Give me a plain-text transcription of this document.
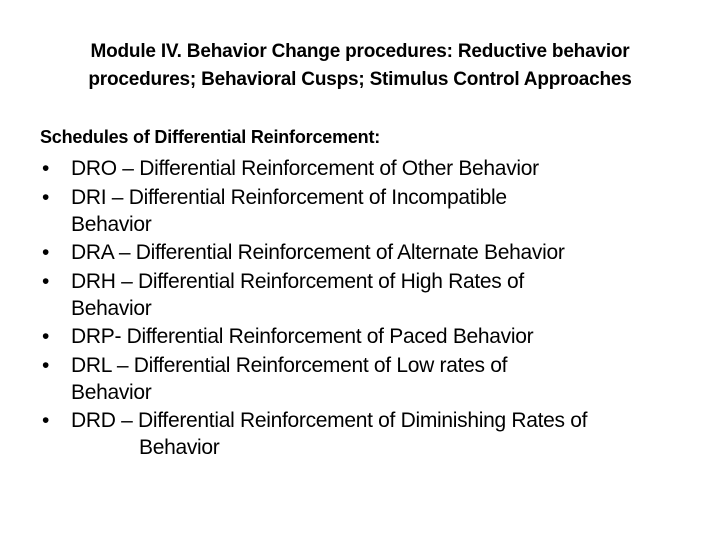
Module IV. Behavior Change procedures: Reductive behavior
procedures; Behavioral Cusps; Stimulus Control Approaches
Schedules of Differential Reinforcement:
• DRO – Differential Reinforcement of Other Behavior
• DRI – Differential Reinforcement of Incompatible
Behavior
• DRA – Differential Reinforcement of Alternate Behavior
• DRH – Differential Reinforcement of High Rates of
Behavior
• DRP- Differential Reinforcement of Paced Behavior
• DRL – Differential Reinforcement of Low rates of
Behavior
• DRD – Differential Reinforcement of Diminishing Rates of

Behavior
